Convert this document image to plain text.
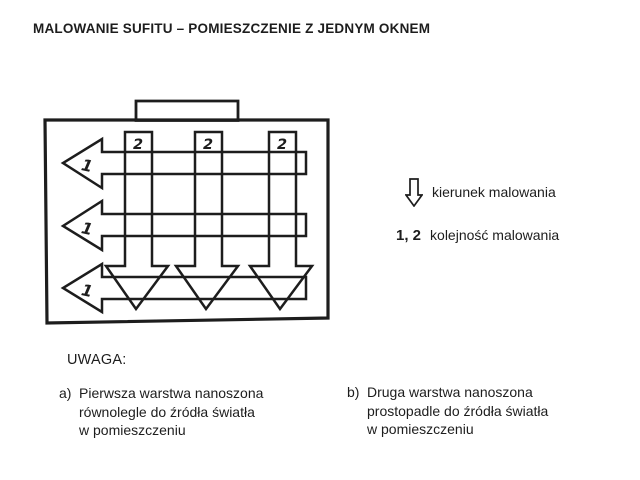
MALOWANIE SUFITU – POMIESZCZENIE Z JEDNYM OKNEM
1
1
1
2	2	2
kierunek malowania
1, 2 kolejność malowania
UWAGA:
a) Pierwsza warstwa nanoszona
równolegle do źródła światła
w pomieszczeniu
b) Druga warstwa nanoszona
prostopadle do źródła światła
w pomieszczeniu
